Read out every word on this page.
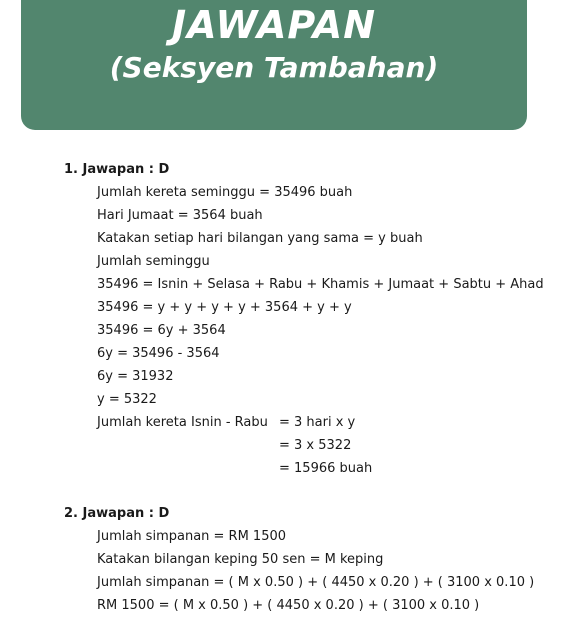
JAWAPAN
(Seksyen Tambahan)
1. Jawapan : D
Jumlah kereta seminggu = 35496 buah
Hari Jumaat = 3564 buah
Katakan setiap hari bilangan yang sama = y buah
Jumlah seminggu
35496 = Isnin + Selasa + Rabu + Khamis + Jumaat + Sabtu + Ahad
35496 = y + y + y + y + 3564 + y + y
35496 = 6y + 3564
6y = 35496 - 3564
6y = 31932
y = 5322
Jumlah kereta Isnin - Rabu = 3 hari x y
= 3 x 5322
= 15966 buah
2. Jawapan : D
Jumlah simpanan = RM 1500
Katakan bilangan keping 50 sen = M keping
Jumlah simpanan = ( M x 0.50 ) + ( 4450 x 0.20 ) + ( 3100 x 0.10 )
RM 1500 = ( M x 0.50 ) + ( 4450 x 0.20 ) + ( 3100 x 0.10 )
